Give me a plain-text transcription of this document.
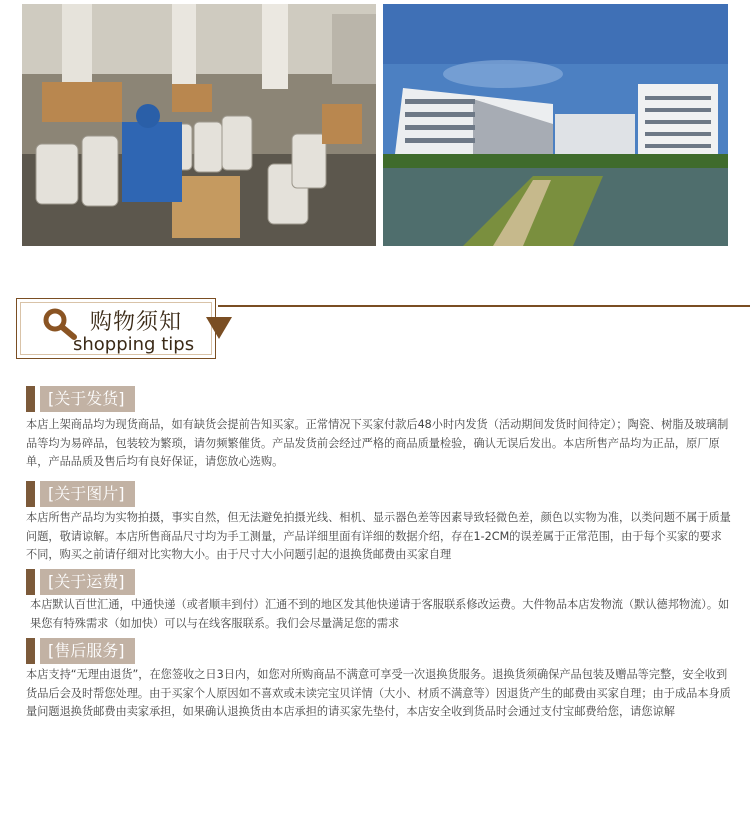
购物须知
shopping tips
[关于发货]

本店上架商品均为现货商品，如有缺货会提前告知买家。正常情况下买家付款后48小时内发货（活动期间发货时间待定）；陶瓷、树脂及玻璃制品等均为易碎品，包装较为繁琐，请勿频繁催货。产品发货前会经过严格的商品质量检验，确认无误后发出。本店所售产品均为正品，原厂原单，产品品质及售后均有良好保证，请您放心选购。

[关于图片]

本店所售产品均为实物拍摄，事实自然，但无法避免拍摄光线、相机、显示器色差等因素导致轻微色差，颜色以实物为准，以类问题不属于质量问题，敬请谅解。本店所售商品尺寸均为手工测量，产品详细里面有详细的数据介绍，存在1-2CM的误差属于正常范围，由于每个买家的要求不同，购买之前请仔细对比实物大小。由于尺寸大小问题引起的退换货邮费由买家自理

[关于运费]

本店默认百世汇通，中通快递（或者顺丰到付）汇通不到的地区发其他快递请于客服联系修改运费。大件物品本店发物流（默认德邦物流）。如果您有特殊需求（如加快）可以与在线客服联系。我们会尽量满足您的需求

[售后服务]

本店支持“无理由退货”，在您签收之日3日内，如您对所购商品不满意可享受一次退换货服务。退换货须确保产品包装及赠品等完整，安全收到货品后会及时帮您处理。由于买家个人原因如不喜欢或未读完宝贝详情（大小、材质不满意等）因退货产生的邮费由买家自理；由于成品本身质量问题退换货邮费由卖家承担，如果确认退换货由本店承担的请买家先垫付，本店安全收到货品时会通过支付宝邮费给您，请您谅解
